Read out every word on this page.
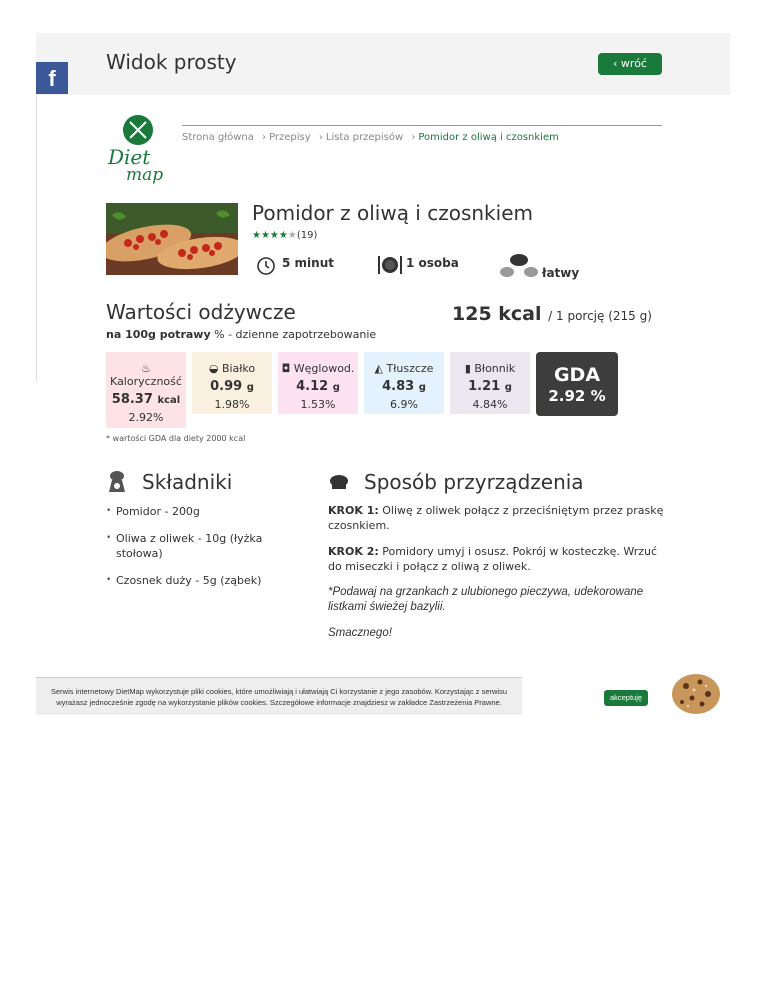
f
Widok prosty	‹ wróć
Diet
map
Strona główna › Przepisy › Lista przepisów › Pomidor z oliwą i czosnkiem
Pomidor z oliwą i czosnkiem
★★★★★(19)
5 minut	1 osoba
łatwy
Wartości odżywcze	125 kcal / 1 porcję (215 g)
na 100g potrawy % - dzienne zapotrzebowanie
♨
Kaloryczność
58.37 kcal
2.92%
◒ Białko
0.99 g
1.98%
◘ Węglowod.
4.12 g
1.53%
◭ Tłuszcze
4.83 g
6.9%
▮ Błonnik
1.21 g
4.84%
GDA
2.92 %
* wartości GDA dla diety 2000 kcal
Składniki
• Pomidor - 200g
• Oliwa z oliwek - 10g (łyżka stołowa)
• Czosnek duży - 5g (ząbek)
Sposób przyrządzenia

KROK 1: Oliwę z oliwek połącz z przeciśniętym przez praskę czosnkiem.

KROK 2: Pomidory umyj i osusz. Pokrój w kosteczkę. Wrzuć do miseczki i połącz z oliwą z oliwek.

*Podawaj na grzankach z ulubionego pieczywa, udekorowane listkami świeżej bazylii.

Smacznego!

Serwis internetowy DietMap wykorzystuje pliki cookies, które umożliwiają i ułatwiają Ci korzystanie z jego zasobów. Korzystając z serwisu wyrażasz jednocześnie zgodę na wykorzystanie plików cookies. Szczegółowe informacje znajdziesz w zakładce Zastrzeżenia Prawne.
akceptuję
